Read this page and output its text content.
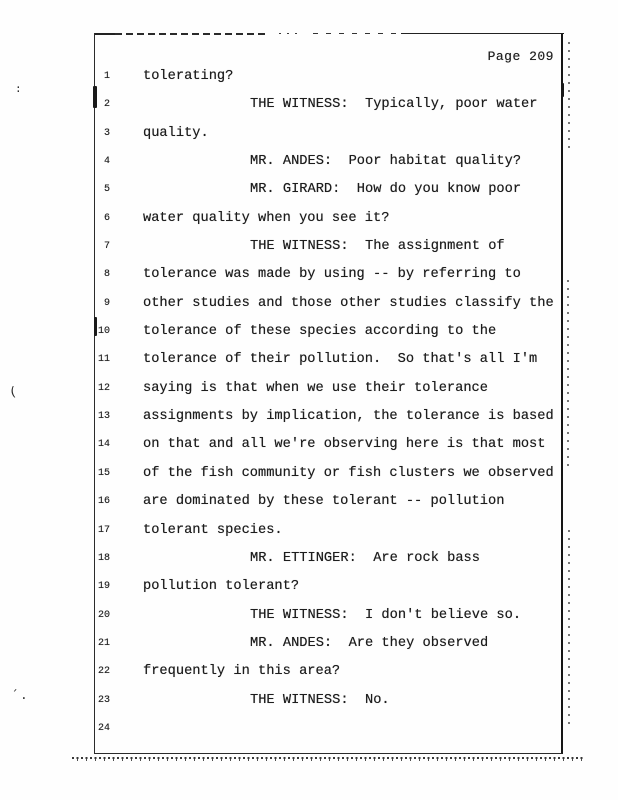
Page 209
1 tolerating?
2	THE WITNESS:  Typically, poor water
3 quality.
4	MR. ANDES:  Poor habitat quality?
5	MR. GIRARD:  How do you know poor
6 water quality when you see it?
7	THE WITNESS:  The assignment of
8 tolerance was made by using -- by referring to
9 other studies and those other studies classify the
10 tolerance of these species according to the
11 tolerance of their pollution.  So that's all I'm
12 saying is that when we use their tolerance
13 assignments by implication, the tolerance is based
14 on that and all we're observing here is that most
15 of the fish community or fish clusters we observed
16 are dominated by these tolerant -- pollution
17 tolerant species.
18	MR. ETTINGER:  Are rock bass
19 pollution tolerant?
20	THE WITNESS:  I don't believe so.
21	MR. ANDES:  Are they observed
22 frequently in this area?
23	THE WITNESS:  No.
24
:
(
´.
